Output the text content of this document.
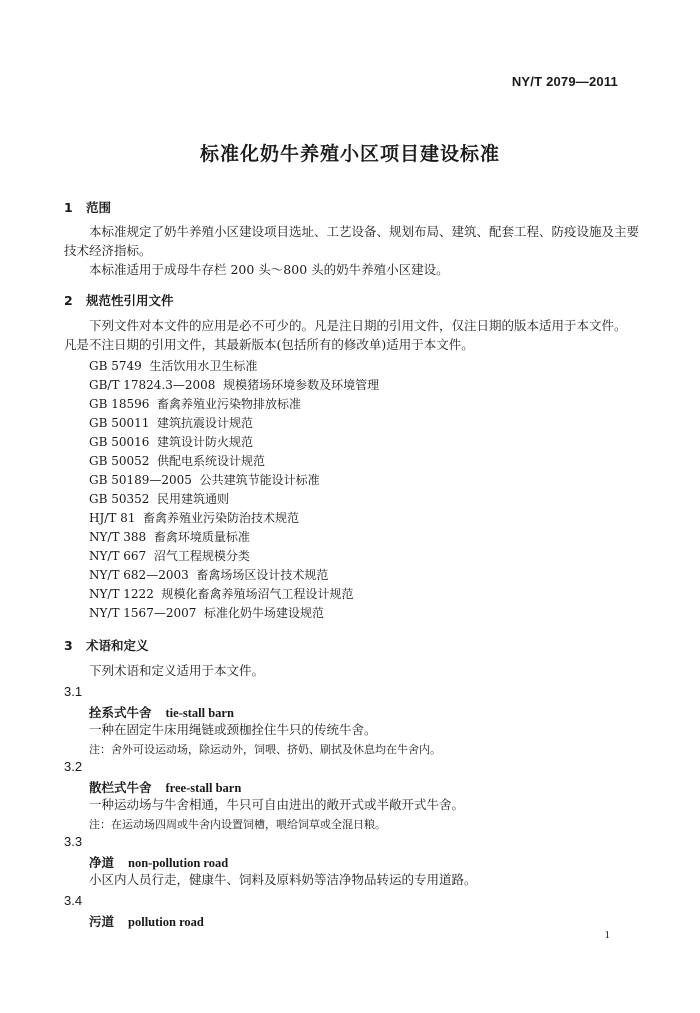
NY/T 2079—2011
标准化奶牛养殖小区项目建设标准
1 范围
本标准规定了奶牛养殖小区建设项目选址、工艺设备、规划布局、建筑、配套工程、防疫设施及主要
技术经济指标。
本标准适用于成母牛存栏 200 头～800 头的奶牛养殖小区建设。
2 规范性引用文件
下列文件对本文件的应用是必不可少的。凡是注日期的引用文件，仅注日期的版本适用于本文件。
凡是不注日期的引用文件，其最新版本(包括所有的修改单)适用于本文件。
GB 5749 生活饮用水卫生标准
GB/T 17824.3—2008 规模猪场环境参数及环境管理
GB 18596 畜禽养殖业污染物排放标准
GB 50011 建筑抗震设计规范
GB 50016 建筑设计防火规范
GB 50052 供配电系统设计规范
GB 50189—2005 公共建筑节能设计标准
GB 50352 民用建筑通则
HJ/T 81 畜禽养殖业污染防治技术规范
NY/T 388 畜禽环境质量标准
NY/T 667 沼气工程规模分类
NY/T 682—2003 畜禽场场区设计技术规范
NY/T 1222 规模化畜禽养殖场沼气工程设计规范
NY/T 1567—2007 标准化奶牛场建设规范
3 术语和定义
下列术语和定义适用于本文件。
3.1
拴系式牛舍 tie-stall barn
一种在固定牛床用绳链或颈枷拴住牛只的传统牛舍。
注：舍外可设运动场，除运动外，饲喂、挤奶、刷拭及休息均在牛舍内。
3.2
散栏式牛舍 free-stall barn
一种运动场与牛舍相通，牛只可自由进出的敞开式或半敞开式牛舍。
注：在运动场四周或牛舍内设置饲槽，喂给饲草或全混日粮。
3.3
净道 non-pollution road
小区内人员行走，健康牛、饲料及原料奶等洁净物品转运的专用道路。
3.4
污道 pollution road
1
